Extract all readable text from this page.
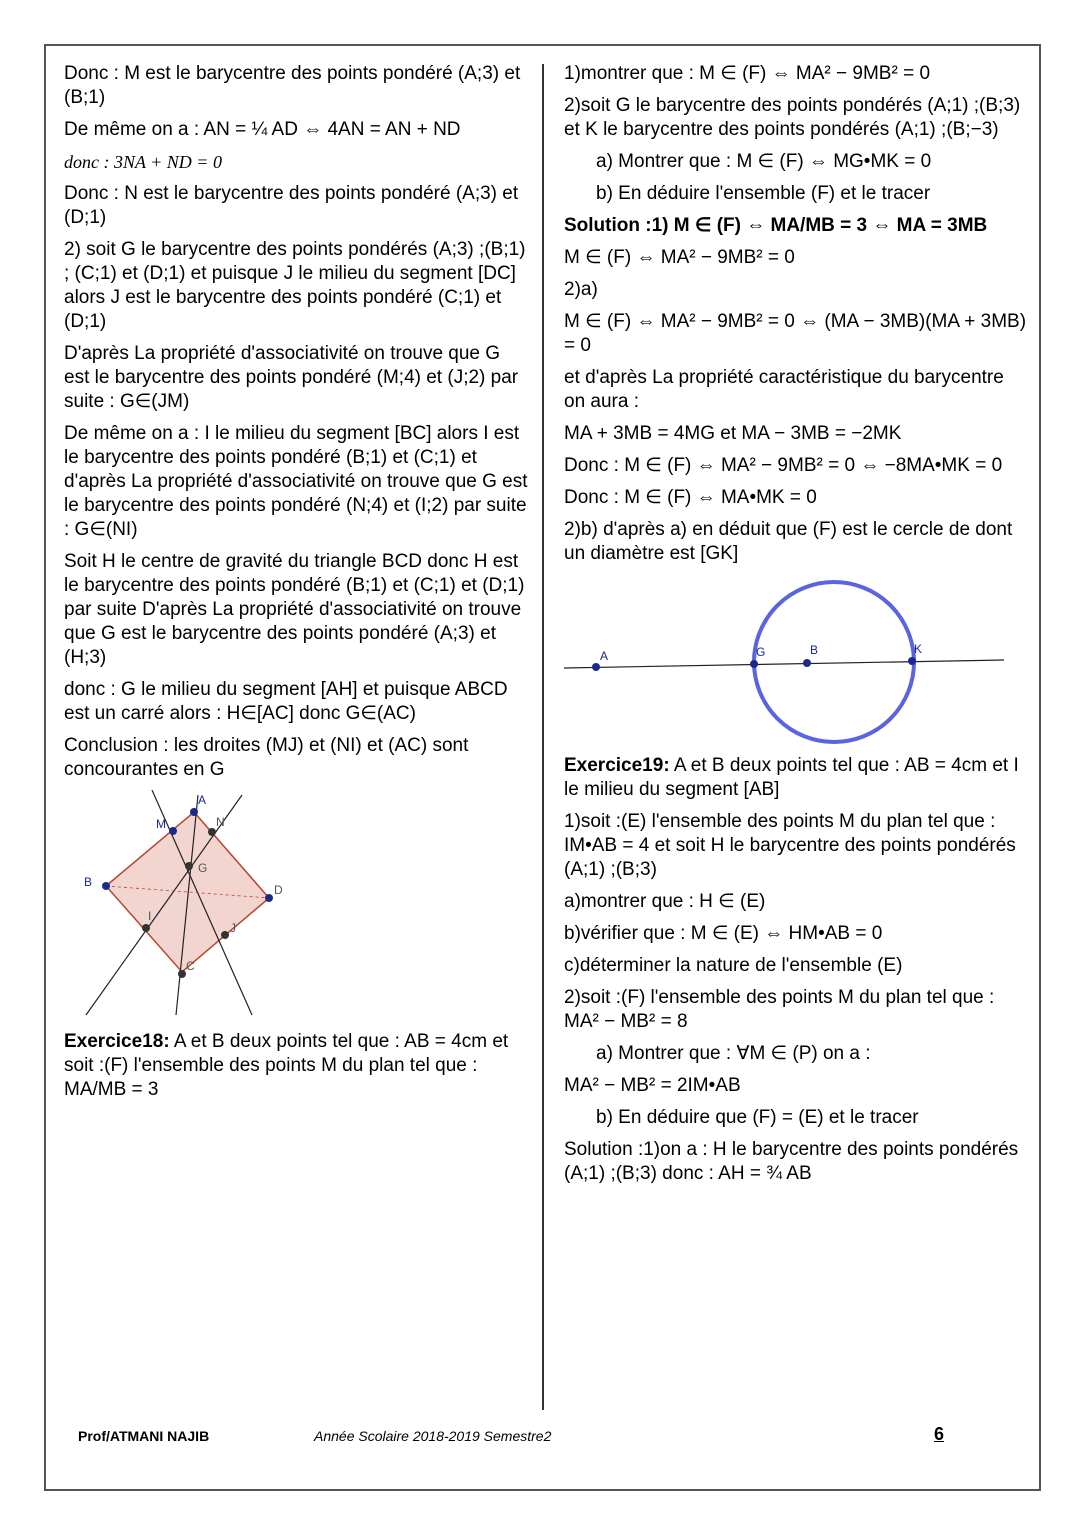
Donc : M est le barycentre des points pondéré (A;3) et (B;1)

De même on a : AN = ¼ AD ⇔ 4AN = AN + ND

donc : 3NA + ND = 0

Donc : N est le barycentre des points pondéré (A;3) et (D;1)

2) soit G le barycentre des points pondérés (A;3) ;(B;1) ; (C;1) et (D;1) et puisque J le milieu du segment [DC] alors J est le barycentre des points pondéré (C;1) et (D;1)

D'après La propriété d'associativité on trouve que G est le barycentre des points pondéré (M;4) et (J;2) par suite : G∈(JM)

De même on a : I le milieu du segment [BC] alors I est le barycentre des points pondéré (B;1) et (C;1) et d'après La propriété d'associativité on trouve que G est le barycentre des points pondéré (N;4) et (I;2) par suite : G∈(NI)

Soit H le centre de gravité du triangle BCD donc H est le barycentre des points pondéré (B;1) et (C;1) et (D;1) par suite D'après La propriété d'associativité on trouve que G est le barycentre des points pondéré (A;3) et (H;3)

donc : G le milieu du segment [AH] et puisque ABCD est un carré alors : H∈[AC] donc G∈(AC)

Conclusion : les droites (MJ) et (NI) et (AC) sont concourantes en G

A
M	N
G
B
D
I
J
C

Exercice18: A et B deux points tel que : AB = 4cm et soit :(F) l'ensemble des points M du plan tel que : MA/MB = 3

1)montrer que : M ∈ (F) ⇔ MA² − 9MB² = 0

2)soit G le barycentre des points pondérés (A;1) ;(B;3) et K le barycentre des points pondérés (A;1) ;(B;−3)

a) Montrer que : M ∈ (F) ⇔ MG•MK = 0

b) En déduire l'ensemble (F) et le tracer

Solution :1) M ∈ (F) ⇔ MA/MB = 3 ⇔ MA = 3MB

M ∈ (F) ⇔ MA² − 9MB² = 0

2)a)

M ∈ (F) ⇔ MA² − 9MB² = 0 ⇔ (MA − 3MB)(MA + 3MB) = 0

et d'après La propriété caractéristique du barycentre on aura :

MA + 3MB = 4MG et MA − 3MB = −2MK

Donc : M ∈ (F) ⇔ MA² − 9MB² = 0 ⇔ −8MA•MK = 0

Donc : M ∈ (F) ⇔ MA•MK = 0

2)b) d'après a) en déduit que (F) est le cercle de dont un diamètre est [GK]

A	G	B	K

Exercice19: A et B deux points tel que : AB = 4cm et I le milieu du segment [AB]

1)soit :(E) l'ensemble des points M du plan tel que : IM•AB = 4 et soit H le barycentre des points pondérés (A;1) ;(B;3)

a)montrer que : H ∈ (E)

b)vérifier que : M ∈ (E) ⇔ HM•AB = 0

c)déterminer la nature de l'ensemble (E)

2)soit :(F) l'ensemble des points M du plan tel que : MA² − MB² = 8

a) Montrer que : ∀M ∈ (P) on a :

MA² − MB² = 2IM•AB

b) En déduire que (F) = (E) et le tracer

Solution :1)on a : H le barycentre des points pondérés (A;1) ;(B;3) donc : AH = ¾ AB

Prof/ATMANI NAJIB	Année Scolaire 2018-2019 Semestre2	6
